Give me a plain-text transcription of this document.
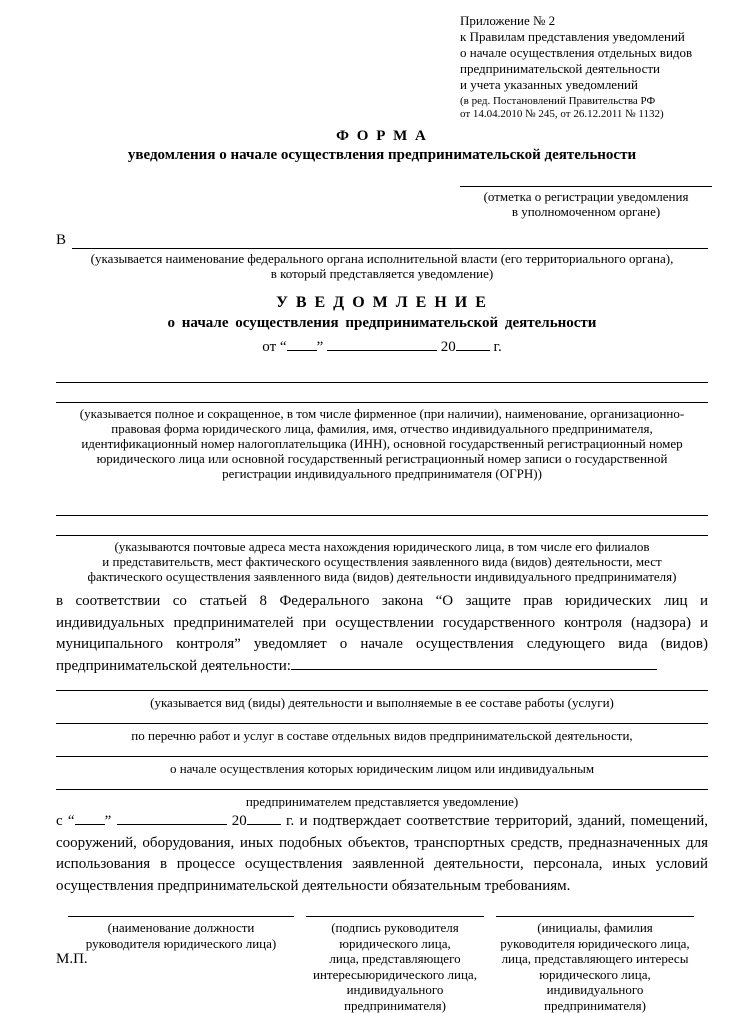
Приложение № 2
к Правилам представления уведомлений
о начале осуществления отдельных видов
предпринимательской деятельности
и учета указанных уведомлений
(в ред. Постановлений Правительства РФ
от 14.04.2010 № 245, от 26.12.2011 № 1132)
Ф О Р М А
уведомления о начале осуществления предпринимательской деятельности
(отметка о регистрации уведомления
в уполномоченном органе)
В
(указывается наименование федерального органа исполнительной власти (его территориального органа),
в который представляется уведомление)
У В Е Д О М Л Е Н И Е
о начале осуществления предпринимательской деятельности
от “ ”	20	г.
(указывается полное и сокращенное, в том числе фирменное (при наличии), наименование, организационно-
правовая форма юридического лица, фамилия, имя, отчество индивидуального предпринимателя,
идентификационный номер налогоплательщика (ИНН), основной государственный регистрационный номер
юридического лица или основной государственный регистрационный номер записи о государственной
регистрации индивидуального предпринимателя (ОГРН))
(указываются почтовые адреса места нахождения юридического лица, в том числе его филиалов
и представительств, мест фактического осуществления заявленного вида (видов) деятельности, мест
фактического осуществления заявленного вида (видов) деятельности индивидуального предпринимателя)
в соответствии со статьей 8 Федерального закона “О защите прав юридических лиц и индивидуальных предпринимателей при осуществлении государственного контроля (надзора) и муниципального контроля” уведомляет о начале осуществления следующего вида (видов) предпринимательской деятельности:
(указывается вид (виды) деятельности и выполняемые в ее составе работы (услуги)
по перечню работ и услуг в составе отдельных видов предпринимательской деятельности,
о начале осуществления которых юридическим лицом или индивидуальным
предпринимателем представляется уведомление)
с “ ”	20	г. и подтверждает соответствие территорий, зданий, помещений, сооружений, оборудования, иных подобных объектов, транспортных средств, предназначенных для использования в процессе осуществления заявленной деятельности, персонала, иных условий осуществления предпринимательской деятельности обязательным требованиям.
(наименование должности
руководителя юридического лица)
(подпись руководителя
юридического лица,
лица, представляющего
интересыюридического лица,
индивидуального
предпринимателя)
(инициалы, фамилия
руководителя юридического лица,
лица, представляющего интересы
юридического лица,
индивидуального
предпринимателя)
М.П.
